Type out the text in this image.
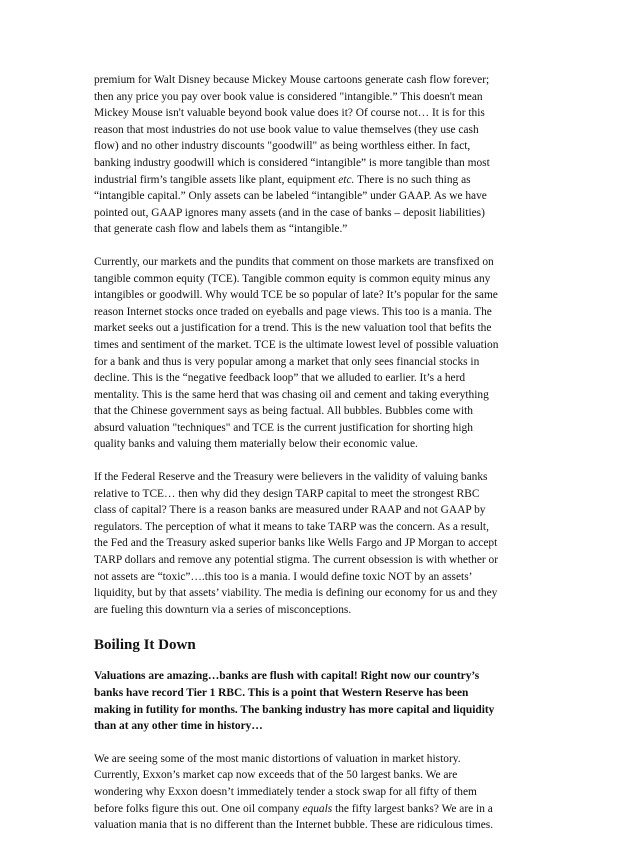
premium for Walt Disney because Mickey Mouse cartoons generate cash flow forever;
then any price you pay over book value is considered "intangible.” This doesn't mean
Mickey Mouse isn't valuable beyond book value does it? Of course not… It is for this
reason that most industries do not use book value to value themselves (they use cash
flow) and no other industry discounts "goodwill" as being worthless either. In fact,
banking industry goodwill which is considered “intangible” is more tangible than most
industrial firm’s tangible assets like plant, equipment etc. There is no such thing as
“intangible capital.” Only assets can be labeled “intangible” under GAAP. As we have
pointed out, GAAP ignores many assets (and in the case of banks – deposit liabilities)
that generate cash flow and labels them as “intangible.”

Currently, our markets and the pundits that comment on those markets are transfixed on
tangible common equity (TCE). Tangible common equity is common equity minus any
intangibles or goodwill. Why would TCE be so popular of late? It’s popular for the same
reason Internet stocks once traded on eyeballs and page views. This too is a mania. The
market seeks out a justification for a trend. This is the new valuation tool that befits the
times and sentiment of the market. TCE is the ultimate lowest level of possible valuation
for a bank and thus is very popular among a market that only sees financial stocks in
decline. This is the “negative feedback loop” that we alluded to earlier. It’s a herd
mentality. This is the same herd that was chasing oil and cement and taking everything
that the Chinese government says as being factual. All bubbles. Bubbles come with
absurd valuation "techniques" and TCE is the current justification for shorting high
quality banks and valuing them materially below their economic value.

If the Federal Reserve and the Treasury were believers in the validity of valuing banks
relative to TCE… then why did they design TARP capital to meet the strongest RBC
class of capital? There is a reason banks are measured under RAAP and not GAAP by
regulators. The perception of what it means to take TARP was the concern. As a result,
the Fed and the Treasury asked superior banks like Wells Fargo and JP Morgan to accept
TARP dollars and remove any potential stigma. The current obsession is with whether or
not assets are “toxic”….this too is a mania. I would define toxic NOT by an assets’
liquidity, but by that assets’ viability. The media is defining our economy for us and they
are fueling this downturn via a series of misconceptions.

Boiling It Down

Valuations are amazing…banks are flush with capital! Right now our country’s
banks have record Tier 1 RBC. This is a point that Western Reserve has been
making in futility for months. The banking industry has more capital and liquidity
than at any other time in history…

We are seeing some of the most manic distortions of valuation in market history.
Currently, Exxon’s market cap now exceeds that of the 50 largest banks. We are
wondering why Exxon doesn’t immediately tender a stock swap for all fifty of them
before folks figure this out. One oil company equals the fifty largest banks? We are in a
valuation mania that is no different than the Internet bubble. These are ridiculous times.
